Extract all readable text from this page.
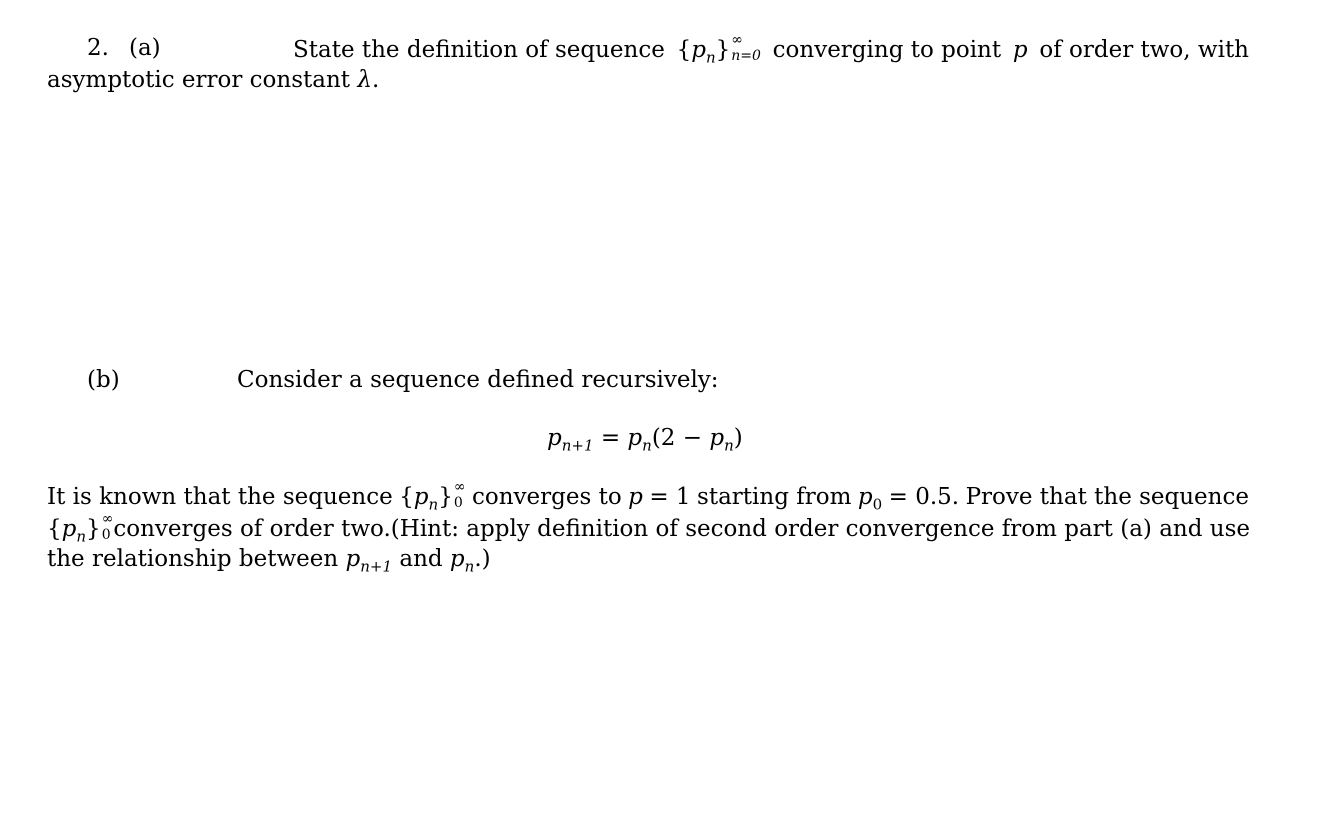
2. (a)	State the definition of sequence $\{p_n\}$ ∞
n=0 converging to point p of order two, with
asymptotic error constant λ.
(b)	Consider a sequence defined recursively:
$p_{n+1} = p_n(2 - p_n)$
It is known that the sequence $\{p_n\}$ ∞
0 converges to p = 1 starting from $p_0 = 0.5$. Prove that the sequence
$\{p_n\}$ ∞
0 converges of order two. (Hint: apply definition of second order convergence from part (a) and use
the relationship between $p_{n+1}$ and $p_n$.)
